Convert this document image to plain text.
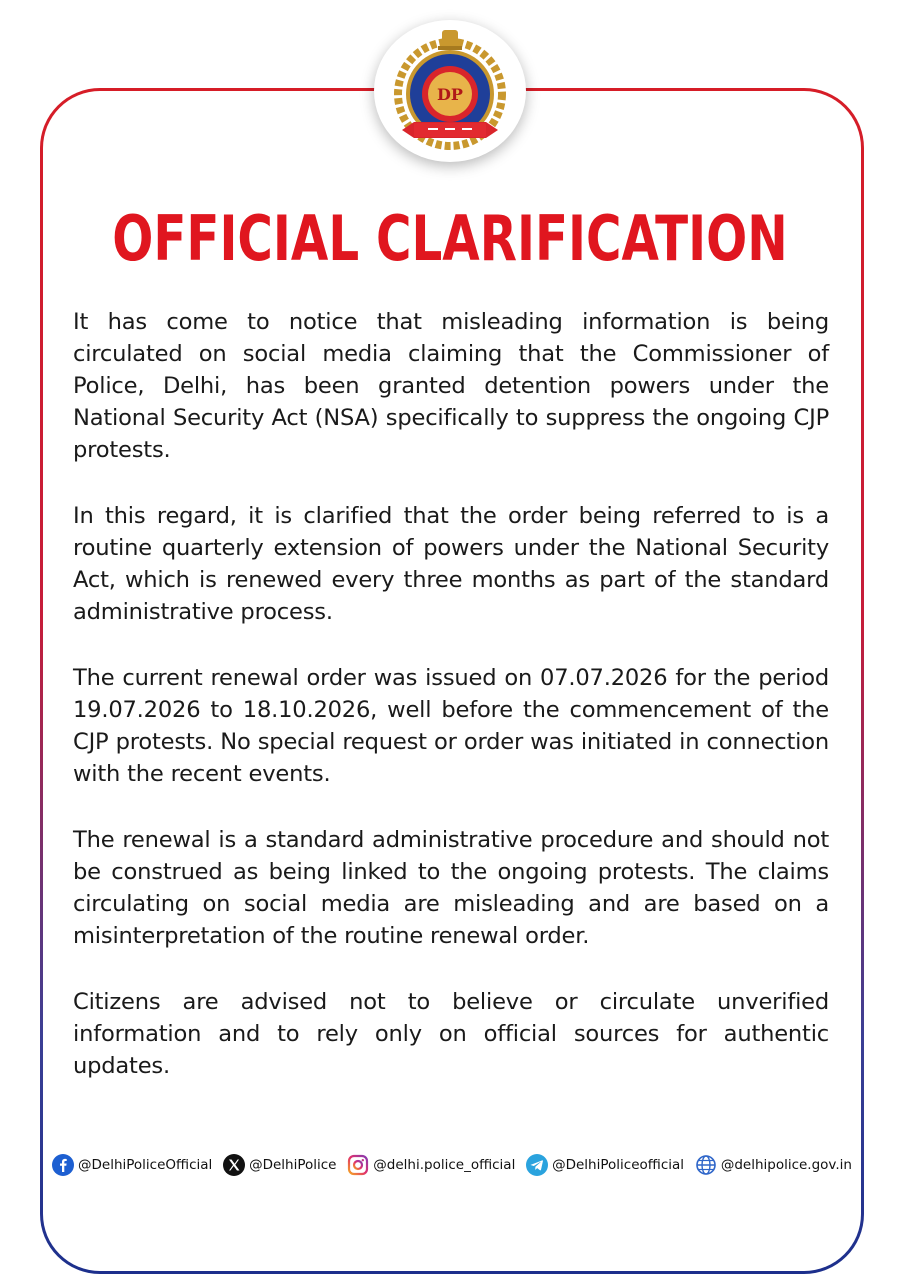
DP
OFFICIAL CLARIFICATION

It has come to notice that misleading information is being circulated on social media claiming that the Commissioner of Police, Delhi, has been granted detention powers under the National Security Act (NSA) specifically to suppress the ongoing CJP protests.

In this regard, it is clarified that the order being referred to is a routine quarterly extension of powers under the National Security Act, which is renewed every three months as part of the standard administrative process.

The current renewal order was issued on 07.07.2026 for the period 19.07.2026 to 18.10.2026, well before the commencement of the CJP protests. No special request or order was initiated in connection with the recent events.

The renewal is a standard administrative procedure and should not be construed as being linked to the ongoing protests. The claims circulating on social media are misleading and are based on a misinterpretation of the routine renewal order.

Citizens are advised not to believe or circulate unverified information and to rely only on official sources for authentic updates.

@DelhiPoliceOfficial	@DelhiPolice	@delhi.police_official	@DelhiPoliceofficial	@delhipolice.gov.in
